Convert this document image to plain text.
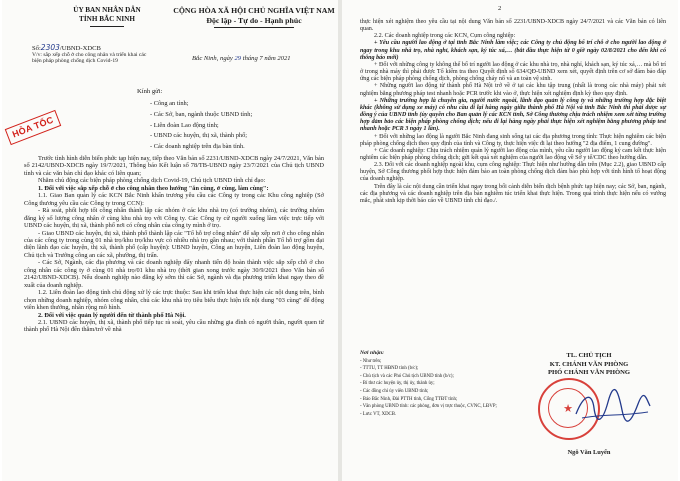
ỦY BAN NHÂN DÂN
TỈNH BẮC NINH
CỘNG HÒA XÃ HỘI CHỦ NGHĨA VIỆT NAM
Độc lập - Tự do - Hạnh phúc
Số:2303/UBND-XDCB
V/v: sắp xếp chỗ ở cho công nhân và triển khai các biện pháp phòng chống dịch Covid-19	Bắc Ninh, ngày 29 tháng 7 năm 2021
Kính gửi:
- Công an tỉnh;
- Các Sở, ban, ngành thuộc UBND tỉnh;
- Liên đoàn Lao động tỉnh;
- UBND các huyện, thị xã, thành phố;
- Các doanh nghiệp trên địa bàn tỉnh.
HỎA TỐC

Trước tình hình diễn biến phức tạp hiện nay, tiếp theo Văn bản số 2231/UBND-XDCB ngày 24/7/2021, Văn bản số 2142/UBND-XDCB ngày 19/7/2021, Thông báo Kết luận số 78/TB-UBND ngày 23/7/2021 của Chủ tịch UBND tỉnh và các văn bản chỉ đạo khác có liên quan;

Nhằm chủ động các biện pháp phòng chống dịch Covid-19, Chủ tịch UBND tỉnh chỉ đạo:

1. Đối với việc sắp xếp chỗ ở cho công nhân theo hướng "ăn cùng, ở cùng, làm cùng":

1.1. Giao Ban quản lý các KCN Bắc Ninh khẩn trương yêu cầu các Công ty trong các Khu công nghiệp (Sở Công thương yêu cầu các Công ty trong CCN):

- Rà soát, phối hợp tối công nhân thành lập các nhóm ở các khu nhà trọ (có trường nhóm), các trường nhóm đăng ký số lượng công nhân ở cùng khu nhà trọ với Công ty. Các Công ty cử người xuống làm việc trực tiếp với UBND các huyện, thị xã, thành phố nơi có công nhân của công ty mình ở trọ.

- Giao UBND các huyện, thị xã, thành phố thành lập các "Tổ hỗ trợ công nhân" để sắp xếp nơi ở cho công nhân của các công ty trong cùng 01 nhà trọ/khu trọ/khu vực có nhiều nhà trọ gần nhau; với thành phần Tổ hỗ trợ gồm đại diện lãnh đạo các huyện, thị xã, thành phố (cấp huyện): UBND huyện, Công an huyện, Liên đoàn lao động huyện, Chủ tịch và Trưởng công an các xã, phường, thị trấn.

- Các Sở, Ngành, các địa phương và các doanh nghiệp đẩy nhanh tiến độ hoàn thành việc sắp xếp chỗ ở cho công nhân các công ty ở cùng 01 nhà trọ/01 khu nhà trọ (thời gian xong trước ngày 30/9/2021 theo Văn bản số 2142/UBND-XDCB). Nếu doanh nghiệp nào đăng ký sớm thì các Sở, ngành và địa phương triển khai ngay theo đề xuất của doanh nghiệp.

1.2. Liên đoàn lao động tỉnh chủ động xử lý các trực thuộc: Sau khi triển khai thực hiện các nội dung trên, bình chọn những doanh nghiệp, nhóm công nhân, chủ các khu nhà trọ tiêu biểu thực hiện tốt nội dung "03 cùng" để động viên khen thưởng, nhân rộng mô hình.

2. Đối với việc quản lý người đến từ thành phố Hà Nội.

2.1. UBND các huyện, thị xã, thành phố tiếp tục rà soát, yêu cầu những gia đình có người thân, người quen từ thành phố Hà Nội đến thăm/trở về nhà

2

thực hiện xét nghiệm theo yêu cầu tại nội dung Văn bản số 2231/UBND-XDCB ngày 24/7/2021 và các Văn bản có liên quan.

2.2. Các doanh nghiệp trong các KCN, Cụm công nghiệp:

+ Yêu cầu người lao động ở tại tỉnh Bắc Ninh làm việc; các Công ty chủ động bố trí chỗ ở cho người lao động ở ngay trong khu nhà trọ, nhà nghỉ, khách sạn, ký túc xá,… (bắt đầu thực hiện từ 0 giờ ngày 02/8/2021 cho đến khi có thông báo mới)

+ Đối với những công ty không thể bố trí người lao động ở các khu nhà trọ, nhà nghỉ, khách sạn, ký túc xá,… mà bố trí ở trong nhà máy thì phải được Tổ kiểm tra theo Quyết định số 634/QĐ-UBND xem xét, quyết định trên cơ sở đảm bảo đáp ứng các biện pháp phòng chống dịch, phòng chống cháy nổ và an toàn vệ sinh.

+ Những người lao động từ thành phố Hà Nội trở về ở tại các khu tập trung (nhất là trong các nhà máy) phải xét nghiệm bằng phương pháp test nhanh hoặc PCR trước khi vào ở, thực hiện xét nghiệm định kỳ theo quy định.

+ Những trường hợp là chuyên gia, người nước ngoài, lãnh đạo quản lý công ty và những trường hợp đặc biệt khác (không sử dụng xe máy) có nhu cầu đi lại hàng ngày giữa thành phố Hà Nội và tỉnh Bắc Ninh thì phải được sự đồng ý của UBND tỉnh (ủy quyền cho Ban quản lý các KCN tỉnh, Sở Công thương chịu trách nhiệm xem xét từng trường hợp đảm bảo các biện pháp phòng chống dịch; nếu đi lại hàng ngày phải thực hiện xét nghiệm bằng phương pháp test nhanh hoặc PCR 3 ngày 1 lần).

+ Đối với những lao động là người Bắc Ninh đang sinh sống tại các địa phương trong tỉnh: Thực hiện nghiêm các biện pháp phòng chống dịch theo quy định của tỉnh và Công ty, thực hiện việc đi lại theo hướng "2 địa điểm, 1 cung đường".

+ Các doanh nghiệp: Chịu trách nhiệm quản lý người lao động của mình, yêu cầu người lao động ký cam kết thực hiện nghiêm các biện pháp phòng chống dịch; gửi kết quả xét nghiệm của người lao động về Sở y tế/CDC theo hướng dẫn.

2.3. Đối với các doanh nghiệp ngoài khu, cụm công nghiệp: Thực hiện như hướng dẫn trên (Mục 2.2), giao UBND cấp huyện, Sở Công thương phối hợp thực hiện đảm bảo an toàn phòng chống dịch đảm bảo phù hợp với tình hình tổ hoạt động của doanh nghiệp.

Trên đây là các nội dung cần triển khai ngay trong bối cảnh diễn biến dịch bệnh phức tạp hiện nay; các Sở, ban, ngành, các địa phương và các doanh nghiệp trên địa bàn nghiêm túc triển khai thực hiện. Trong quá trình thực hiện nếu có vướng mắc, phát sinh kịp thời báo cáo về UBND tỉnh chỉ đạo./.

Nơi nhận:
- Như trên;
- TTTU, TT HĐND tỉnh (b/c);
- Chủ tịch và các Phó Chủ tịch UBND tỉnh (b/c);
- Bí thư các huyện ủy, thị ủy, thành ủy;
- Các đồng chí ủy viên UBND tỉnh;
- Báo Bắc Ninh, Đài PTTH tỉnh, Cổng TTĐT tỉnh;
- Văn phòng UBND tỉnh: các phòng, đơn vị trực thuộc, CVNC, LĐVP;
- Lưu: VT, XDCB.
TL. CHỦ TỊCH
KT. CHÁNH VĂN PHÒNG
PHÓ CHÁNH VĂN PHÒNG
★
Ngô Văn Luyến
